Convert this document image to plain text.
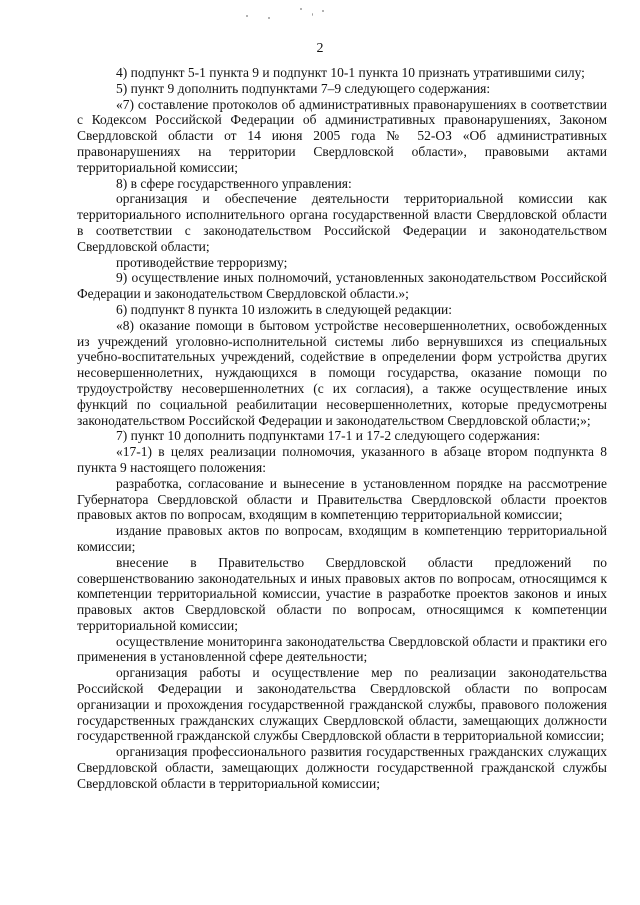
2

4) подпункт 5-1 пункта 9 и подпункт 10-1 пункта 10 признать утратившими силу;

5) пункт 9 дополнить подпунктами 7–9 следующего содержания:

«7) составление протоколов об административных правонарушениях в соответствии с Кодексом Российской Федерации об административных правонарушениях, Законом Свердловской области от 14 июня 2005 года № 52-ОЗ «Об административных правонарушениях на территории Свердловской области», правовыми актами территориальной комиссии;

8) в сфере государственного управления:

организация и обеспечение деятельности территориальной комиссии как территориального исполнительного органа государственной власти Свердловской области в соответствии с законодательством Российской Федерации и законодательством Свердловской области;

противодействие терроризму;

9) осуществление иных полномочий, установленных законодательством Российской Федерации и законодательством Свердловской области.»;

6) подпункт 8 пункта 10 изложить в следующей редакции:

«8) оказание помощи в бытовом устройстве несовершеннолетних, освобожденных из учреждений уголовно-исполнительной системы либо вернувшихся из специальных учебно-воспитательных учреждений, содействие в определении форм устройства других несовершеннолетних, нуждающихся в помощи государства, оказание помощи по трудоустройству несовершеннолетних (с их согласия), а также осуществление иных функций по социальной реабилитации несовершеннолетних, которые предусмотрены законодательством Российской Федерации и законодательством Свердловской области;»;

7) пункт 10 дополнить подпунктами 17-1 и 17-2 следующего содержания:

«17-1) в целях реализации полномочия, указанного в абзаце втором подпункта 8 пункта 9 настоящего положения:

разработка, согласование и вынесение в установленном порядке на рассмотрение Губернатора Свердловской области и Правительства Свердловской области проектов правовых актов по вопросам, входящим в компетенцию территориальной комиссии;

издание правовых актов по вопросам, входящим в компетенцию территориальной комиссии;

внесение в Правительство Свердловской области предложений по совершенствованию законодательных и иных правовых актов по вопросам, относящимся к компетенции территориальной комиссии, участие в разработке проектов законов и иных правовых актов Свердловской области по вопросам, относящимся к компетенции территориальной комиссии;

осуществление мониторинга законодательства Свердловской области и практики его применения в установленной сфере деятельности;

организация работы и осуществление мер по реализации законодательства Российской Федерации и законодательства Свердловской области по вопросам организации и прохождения государственной гражданской службы, правового положения государственных гражданских служащих Свердловской области, замещающих должности государственной гражданской службы Свердловской области в территориальной комиссии;

организация профессионального развития государственных гражданских служащих Свердловской области, замещающих должности государственной гражданской службы Свердловской области в территориальной комиссии;
